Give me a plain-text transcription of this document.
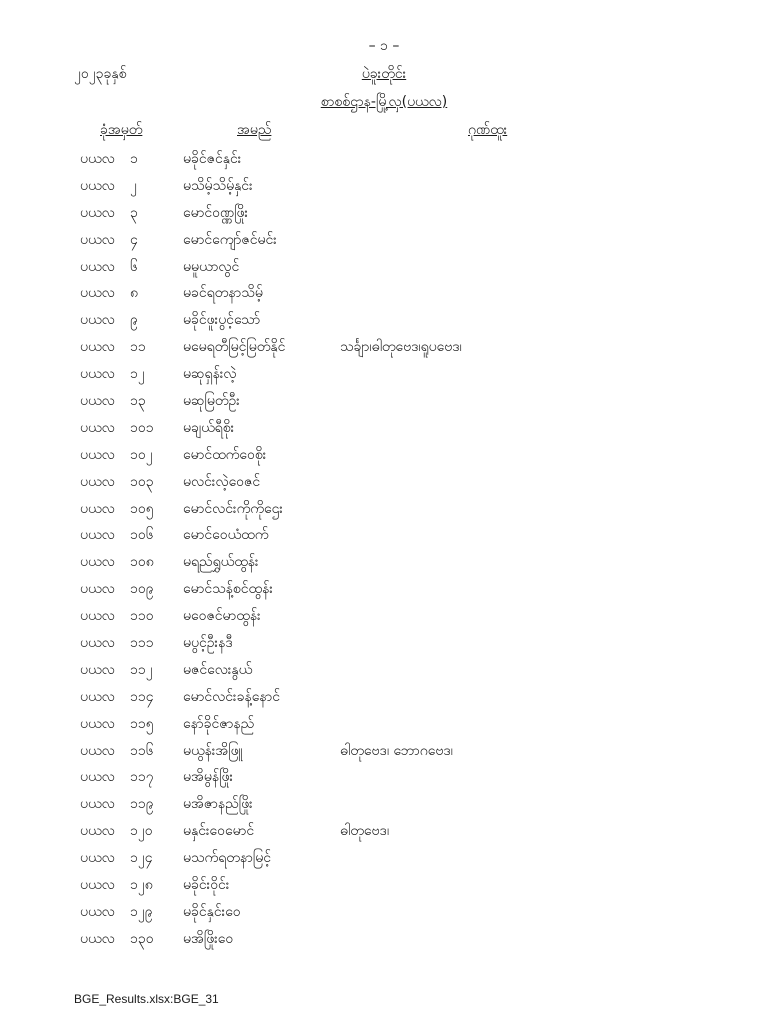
– ၁ –
၂၀၂၃ခုနှစ်	ပဲခူးတိုင်း
စာစစ်ဌာန-မြို့လှ(ပယလ)
ခုံအမှတ်	အမည်	ဂုဏ်ထူး
ပယလ ၁	မခိုင်ဇင်နှင်း
ပယလ ၂	မသိမ့်သိမ့်နှင်း
ပယလ ၃	မောင်ဝဏ္ဏဖြိုး
ပယလ ၄	မောင်ကျော်ဇင်မင်း
ပယလ ၆	မမူယာလွင်
ပယလ ၈	မခင်ရတနာသိမ့်
ပယလ ၉	မခိုင်ဖူးပွင့်သော်
ပယလ ၁၁	မမေရတီမြင့်မြတ်နိုင်	သင်္ချာ၊ဓါတုဗေဒ၊ရူပဗေဒ၊
ပယလ ၁၂	မဆုရှန်းလဲ့
ပယလ ၁၃	မဆုမြတ်ဦး
ပယလ ၁၀၁ မချယ်ရီစိုး
ပယလ ၁၀၂ မောင်ထက်ဝေစိုး
ပယလ ၁၀၃ မလင်းလဲ့ဝေဇင်
ပယလ ၁၀၅ မောင်လင်းကိုကိုဌေး
ပယလ ၁၀၆ မောင်ဝေယံထက်
ပယလ ၁၀၈ မရည်ရွှယ်ထွန်း
ပယလ ၁၀၉ မောင်သန့်စင်ထွန်း
ပယလ ၁၁၀ မဝေဇင်မာထွန်း
ပယလ ၁၁၁ မပွင့်ဦးနဒီ
ပယလ ၁၁၂ မဇင်လေးနွယ်
ပယလ ၁၁၄ မောင်လင်းခန့်နောင်
ပယလ ၁၁၅ နော်ခိုင်ဇာနည်
ပယလ ၁၁၆ မယွန်းအိဖြူ	ဓါတုဗေဒ၊ ဘောဂဗေဒ၊
ပယလ ၁၁၇ မအိမွန်ဖြိုး
ပယလ ၁၁၉ မအိဇာနည်ဖြိုး
ပယလ ၁၂၀ မနှင်းဝေမောင်	ဓါတုဗေဒ၊
ပယလ ၁၂၄ မသက်ရတနာမြင့်
ပယလ ၁၂၈ မခိုင်းဝိုင်း
ပယလ ၁၂၉ မခိုင်နှင်းဝေ
ပယလ ၁၃၀ မအိဖြိုးဝေ
BGE_Results.xlsx:BGE_31
